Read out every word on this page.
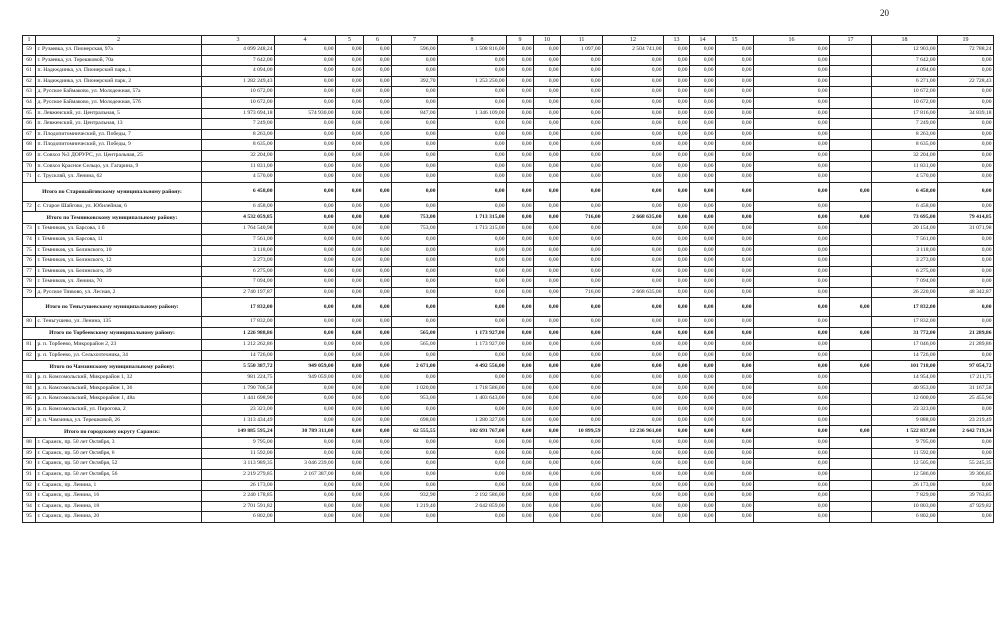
20
1	2	3	4	5	6	7	8	9	10	11	12	13	14	15	16	17	18	19
59	г. Рузаевка, ул. Пионерская, 97а	4 099 248,24	0,00	0,00	0,00	596,00	1 508 816,00	0,00	0,00	1 097,00	2 504 741,00	0,00	0,00	0,00	0,00		12 903,00	72 788,24
60	г. Рузаевка, ул. Терешковой, 70а	7 642,00	0,00	0,00	0,00	0,00	0,00	0,00	0,00	0,00	0,00	0,00	0,00	0,00	0,00		7 642,00	0,00
61	п. Надеждинка, ул. Пионерский парк, 1	4 094,00	0,00	0,00	0,00	0,00	0,00	0,00	0,00	0,00	0,00	0,00	0,00	0,00	0,00		4 094,00	0,00
62	п. Надеждинка, ул. Пионерский парк, 2	1 282 249,43	0,00	0,00	0,00	392,70	1 253 250,00	0,00	0,00	0,00	0,00	0,00	0,00	0,00	0,00		6 271,00	22 728,43
63	д. Русское Баймаково, ул. Молодежная, 57а	10 672,00	0,00	0,00	0,00	0,00	0,00	0,00	0,00	0,00	0,00	0,00	0,00	0,00	0,00		10 672,00	0,00
64	д. Русское Баймаково, ул. Молодежная, 57б	10 672,00	0,00	0,00	0,00	0,00	0,00	0,00	0,00	0,00	0,00	0,00	0,00	0,00	0,00		10 672,00	0,00
65	п. Левженский, ул. Центральная, 5	1 973 694,18	574 930,00	0,00	0,00	847,00	1 346 109,00	0,00	0,00	0,00	0,00	0,00	0,00	0,00	0,00		17 816,00	34 839,18
66	п. Левженский, ул. Центральная, 13	7 249,00	0,00	0,00	0,00	0,00	0,00	0,00	0,00	0,00	0,00	0,00	0,00	0,00	0,00		7 249,00	0,00
67	п. Плодопитомнический, ул. Победы, 7	8 263,00	0,00	0,00	0,00	0,00	0,00	0,00	0,00	0,00	0,00	0,00	0,00	0,00	0,00		8 263,00	0,00
68	п. Плодопитомнический, ул. Победы, 9	8 635,00	0,00	0,00	0,00	0,00	0,00	0,00	0,00	0,00	0,00	0,00	0,00	0,00	0,00		8 635,00	0,00
69	п. Совхоз №3 ДОРУРС, ул. Центральная, 25	32 204,00	0,00	0,00	0,00	0,00	0,00	0,00	0,00	0,00	0,00	0,00	0,00	0,00	0,00		32 204,00	0,00
70	п. Совхоз Красное Сельцо, ул. Гагарина, 9	11 831,00	0,00	0,00	0,00	0,00	0,00	0,00	0,00	0,00	0,00	0,00	0,00	0,00	0,00		11 831,00	0,00
71	с. Трускляй, ул. Ленина, 62	4 570,00	0,00	0,00	0,00	0,00	0,00	0,00	0,00	0,00	0,00	0,00	0,00	0,00	0,00		4 570,00	0,00
Итого по Старошайговскому муниципальному району:		6 458,00	0,00	0,00	0,00	0,00	0,00	0,00	0,00	0,00	0,00	0,00	0,00	0,00	0,00	0,00	6 458,00	0,00
72	с. Старое Шайгово, ул. Юбилейная, 6	6 458,00	0,00	0,00	0,00	0,00	0,00	0,00	0,00	0,00	0,00	0,00	0,00	0,00	0,00		6 458,00	0,00
Итого по Темниковскому муниципальному району:		4 532 059,85	0,00	0,00	0,00	753,00	1 713 315,00	0,00	0,00	716,00	2 668 635,00	0,00	0,00	0,00	0,00	0,00	73 695,00	79 414,85
73	г. Темников, ул. Барсова, 1 б	1 764 540,98	0,00	0,00	0,00	753,00	1 713 315,00	0,00	0,00	0,00	0,00	0,00	0,00	0,00	0,00		20 154,00	31 071,98
74	г. Темников, ул. Барсова, 11	7 561,00	0,00	0,00	0,00	0,00	0,00	0,00	0,00	0,00	0,00	0,00	0,00	0,00	0,00		7 561,00	0,00
75	г. Темников, ул. Белинского, 10	3 118,00	0,00	0,00	0,00	0,00	0,00	0,00	0,00	0,00	0,00	0,00	0,00	0,00	0,00		3 118,00	0,00
76	г. Темников, ул. Белинского, 12	3 273,00	0,00	0,00	0,00	0,00	0,00	0,00	0,00	0,00	0,00	0,00	0,00	0,00	0,00		3 273,00	0,00
77	г. Темников, ул. Белинского, 39	6 275,00	0,00	0,00	0,00	0,00	0,00	0,00	0,00	0,00	0,00	0,00	0,00	0,00	0,00		6 275,00	0,00
78	г. Темников, ул. Ленина, 70	7 094,00	0,00	0,00	0,00	0,00	0,00	0,00	0,00	0,00	0,00	0,00	0,00	0,00	0,00		7 094,00	0,00
79	д. Русское Тязвово, ул. Лесная, 2	2 740 197,87	0,00	0,00	0,00	0,00	0,00	0,00	0,00	716,00	2 668 635,00	0,00	0,00	0,00	0,00		26 220,00	48 342,87
Итого по Теньгушевскому муниципальному району:		17 832,00	0,00	0,00	0,00	0,00	0,00	0,00	0,00	0,00	0,00	0,00	0,00	0,00	0,00	0,00	17 832,00	0,00
80	с. Теньгушево, ул. Ленина, 135	17 832,00	0,00	0,00	0,00	0,00	0,00	0,00	0,00	0,00	0,00	0,00	0,00	0,00	0,00		17 832,00	0,00
Итого по Торбеевскому муниципальному району:		1 226 988,86	0,00	0,00	0,00	565,00	1 173 927,00	0,00	0,00	0,00	0,00	0,00	0,00	0,00	0,00	0,00	31 772,00	21 289,86
81	р. п. Торбеево, Микрорайон 2, 23	1 212 262,86	0,00	0,00	0,00	565,00	1 173 927,00	0,00	0,00	0,00	0,00	0,00	0,00	0,00	0,00		17 046,00	21 289,86
82	р. п. Торбеево, ул. Сельхозтехника, 34	14 726,00	0,00	0,00	0,00	0,00	0,00	0,00	0,00	0,00	0,00	0,00	0,00	0,00	0,00		14 726,00	0,00
Итого по Чамзинскому муниципальному району:		5 550 387,72	949 059,00	0,00	0,00	2 671,00	4 492 556,00	0,00	0,00	0,00	0,00	0,00	0,00	0,00	0,00	0,00	101 718,00	97 054,72
83	р. п. Комсомольский, Микрорайон 1, 32	981 224,75	949 059,00	0,00	0,00	0,00	0,00	0,00	0,00	0,00	0,00	0,00	0,00	0,00	0,00		14 954,00	17 211,75
84	р. п. Комсомольский, Микрорайон 1, 36	1 790 706,58	0,00	0,00	0,00	1 020,00	1 718 586,00	0,00	0,00	0,00	0,00	0,00	0,00	0,00	0,00		40 953,00	31 167,58
85	р. п. Комсомольский, Микрорайон 1, 48а	1 441 698,90	0,00	0,00	0,00	953,00	1 403 643,00	0,00	0,00	0,00	0,00	0,00	0,00	0,00	0,00		12 600,00	25 455,90
86	р. п. Комсомольский, ул. Пирогова, 2	23 323,00	0,00	0,00	0,00	0,00	0,00	0,00	0,00	0,00	0,00	0,00	0,00	0,00	0,00		23 323,00	0,00
87	р. п. Чамзинка, ул. Терешковой, 26	1 313 434,49	0,00	0,00	0,00	698,00	1 280 327,00	0,00	0,00	0,00	0,00	0,00	0,00	0,00	0,00		9 888,00	23 219,49
Итого по городскому округу Саранск:		149 885 595,24	30 789 311,00	0,00	0,00	62 555,55	102 691 767,00	0,00	0,00	10 899,59	12 236 961,00	0,00	0,00	0,00	0,00	0,00	1 522 837,00	2 642 719,34
88	г. Саранск, пр. 50 лет Октября, 3	9 795,00	0,00	0,00	0,00	0,00	0,00	0,00	0,00	0,00	0,00	0,00	0,00	0,00	0,00		9 795,00	0,00
89	г. Саранск, пр. 50 лет Октября, 6	11 592,00	0,00	0,00	0,00	0,00	0,00	0,00	0,00	0,00	0,00	0,00	0,00	0,00	0,00		11 592,00	0,00
90	г. Саранск, пр. 50 лет Октября, 52	3 113 989,35	3 046 239,00	0,00	0,00	0,00	0,00	0,00	0,00	0,00	0,00	0,00	0,00	0,00	0,00		12 505,00	55 245,35
91	г. Саранск, пр. 50 лет Октября, 56	2 219 279,85	2 167 387,00	0,00	0,00	0,00	0,00	0,00	0,00	0,00	0,00	0,00	0,00	0,00	0,00		12 586,00	39 306,85
92	г. Саранск, пр. Ленина, 1	26 173,00	0,00	0,00	0,00	0,00	0,00	0,00	0,00	0,00	0,00	0,00	0,00	0,00	0,00		26 173,00	0,00
93	г. Саранск, пр. Ленина, 16	2 240 178,85	0,00	0,00	0,00	932,90	2 192 586,00	0,00	0,00	0,00	0,00	0,00	0,00	0,00	0,00		7 829,00	39 763,85
94	г. Саранск, пр. Ленина, 18	2 701 591,82	0,00	0,00	0,00	1 219,40	2 642 859,00	0,00	0,00	0,00	0,00	0,00	0,00	0,00	0,00		10 803,00	47 929,82
95	г. Саранск, пр. Ленина, 20	6 802,00	0,00	0,00	0,00	0,00	0,00	0,00	0,00	0,00	0,00	0,00	0,00	0,00	0,00		6 802,00	0,00
